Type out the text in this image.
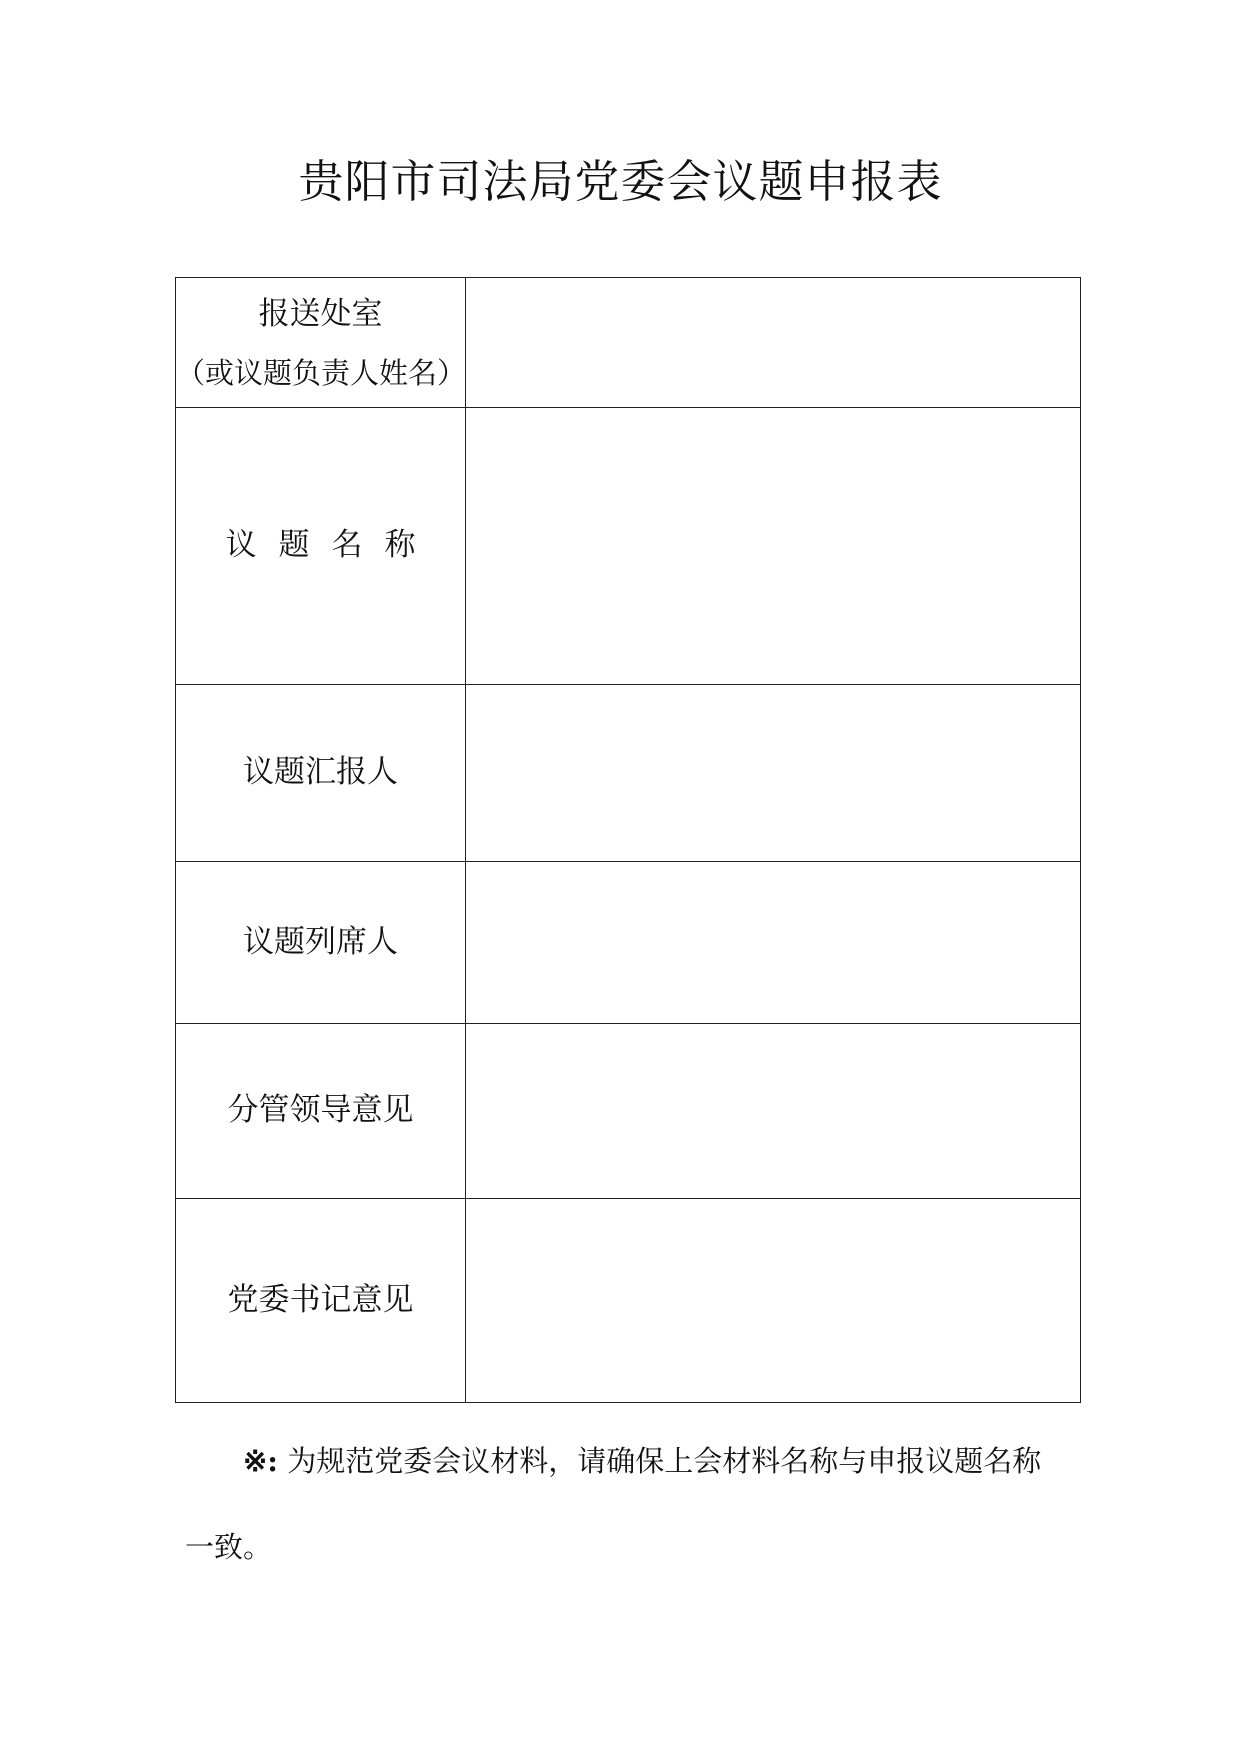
贵阳市司法局党委会议题申报表
报送处室
（或议题负责人姓名）	

议题名称	

议题汇报人	

议题列席人	

分管领导意见	

党委书记意见	

※: 为规范党委会议材料，请确保上会材料名称与申报议题名称一致。
